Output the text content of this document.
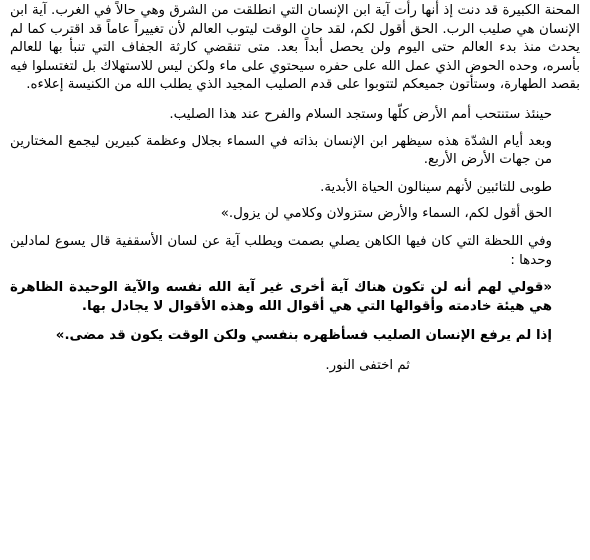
المحنة الكبيرة قد دنت إذ أنها رأت آية ابن الإنسان التي انطلقت من الشرق وهي حالاً في الغرب. آية ابن الإنسان هي صليب الرب. الحق أقول لكم، لقد حان الوقت ليتوب العالم لأن تغييراً عاماً قد اقترب كما لم يحدث منذ بدء العالم حتى اليوم ولن يحصل أبداً بعد. متى تنقضي كارثة الجفاف التي تنبأ بها للعالم بأسره، وحده الحوض الذي عمل الله على حفره سيحتوي على ماء ولكن ليس للاستهلاك بل لتغتسلوا فيه بقصد الطهارة، وستأتون جميعكم لتتوبوا على قدم الصليب المجيد الذي يطلب الله من الكنيسة إعلاءه.

حينئذ ستنتحب أمم الأرض كلّها وستجد السلام والفرح عند هذا الصليب.

وبعد أيام الشدّة هذه سيظهر ابن الإنسان بذاته في السماء بجلال وعظمة كبيرين ليجمع المختارين من جهات الأرض الأربع.

طوبى للتائبين لأنهم سينالون الحياة الأبدية.

الحق أقول لكم، السماء والأرض ستزولان وكلامي لن يزول.»

وفي اللحظة التي كان فيها الكاهن يصلي بصمت ويطلب آية عن لسان الأسقفية قال يسوع لمادلين وحدها :

«قولي لهم أنه لن تكون هناك آية أخرى غير آية الله نفسه والآية الوحيدة الظاهرة هي هيئة خادمته وأقوالها التي هي أقوال الله وهذه الأقوال لا يجادل بها.

إذا لم يرفع الإنسان الصليب فسأظهره بنفسي ولكن الوقت يكون قد مضى.»

ثم اختفى النور.
